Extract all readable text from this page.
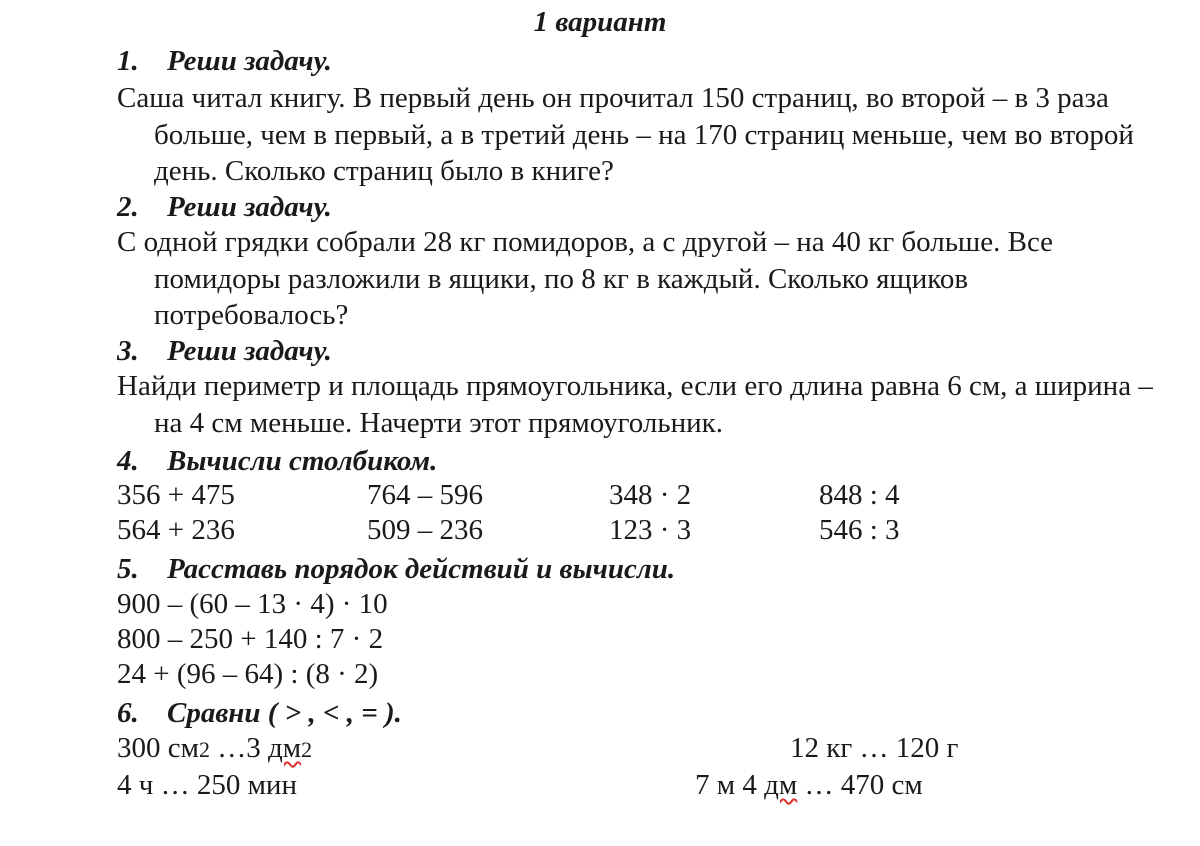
1 вариант
1. Реши задачу.
Саша читал книгу. В первый день он прочитал 150 страниц, во второй – в 3 раза больше, чем в первый, а в третий день – на 170 страниц меньше, чем во второй день. Сколько страниц было в книге?
2. Реши задачу.
С одной грядки собрали 28 кг помидоров, а с другой – на 40 кг больше. Все помидоры разложили в ящики, по 8 кг в каждый. Сколько ящиков потребовалось?
3. Реши задачу.
Найди периметр и площадь прямоугольника, если его длина равна 6 см, а ширина – на 4 см меньше. Начерти этот прямоугольник.
4. Вычисли столбиком.
356 + 475	764 – 596	348 · 2	848 : 4
564 + 236	509 – 236	123 · 3	546 : 3
5. Расставь порядок действий и вычисли.
900 – (60 – 13 · 4) · 10
800 – 250 + 140 : 7 · 2
24 + (96 – 64) : (8 · 2)
6. Сравни ( > , < , = ).
300 см2 …3 дм2	12 кг … 120 г
4 ч … 250 мин	7 м 4 дм … 470 см
